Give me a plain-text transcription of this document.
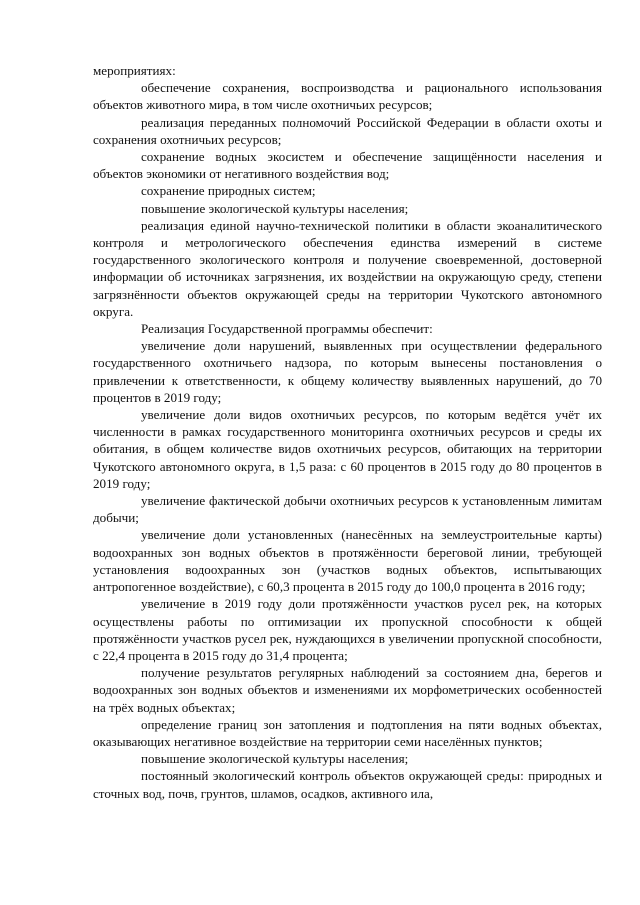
мероприятиях:

обеспечение сохранения, воспроизводства и рационального использования объектов животного мира, в том числе охотничьих ресурсов;

реализация переданных полномочий Российской Федерации в области охоты и сохранения охотничьих ресурсов;

сохранение водных экосистем и обеспечение защищённости населения и объектов экономики от негативного воздействия вод;

сохранение природных систем;

повышение экологической культуры населения;

реализация единой научно-технической политики в области экоаналитического контроля и метрологического обеспечения единства измерений в системе государственного экологического контроля и получение своевременной, достоверной информации об источниках загрязнения, их воздействии на окружающую среду, степени загрязнённости объектов окружающей среды на территории Чукотского автономного округа.

Реализация Государственной программы обеспечит:

увеличение доли нарушений, выявленных при осуществлении федерального государственного охотничьего надзора, по которым вынесены постановления о привлечении к ответственности, к общему количеству выявленных нарушений, до 70 процентов в 2019 году;

увеличение доли видов охотничьих ресурсов, по которым ведётся учёт их численности в рамках государственного мониторинга охотничьих ресурсов и среды их обитания, в общем количестве видов охотничьих ресурсов, обитающих на территории Чукотского автономного округа, в 1,5 раза: с 60 процентов в 2015 году до 80 процентов в 2019 году;

увеличение фактической добычи охотничьих ресурсов к установленным лимитам добычи;

увеличение доли установленных (нанесённых на землеустроительные карты) водоохранных зон водных объектов в протяжённости береговой линии, требующей установления водоохранных зон (участков водных объектов, испытывающих антропогенное воздействие), с 60,3 процента в 2015 году до 100,0 процента в 2016 году;

увеличение в 2019 году доли протяжённости участков русел рек, на которых осуществлены работы по оптимизации их пропускной способности к общей протяжённости участков русел рек, нуждающихся в увеличении пропускной способности, с 22,4 процента в 2015 году до 31,4 процента;

получение результатов регулярных наблюдений за состоянием дна, берегов и водоохранных зон водных объектов и изменениями их морфометрических особенностей на трёх водных объектах;

определение границ зон затопления и подтопления на пяти водных объектах, оказывающих негативное воздействие на территории семи населённых пунктов;

повышение экологической культуры населения;

постоянный экологический контроль объектов окружающей среды: природных и сточных вод, почв, грунтов, шламов, осадков, активного ила,
